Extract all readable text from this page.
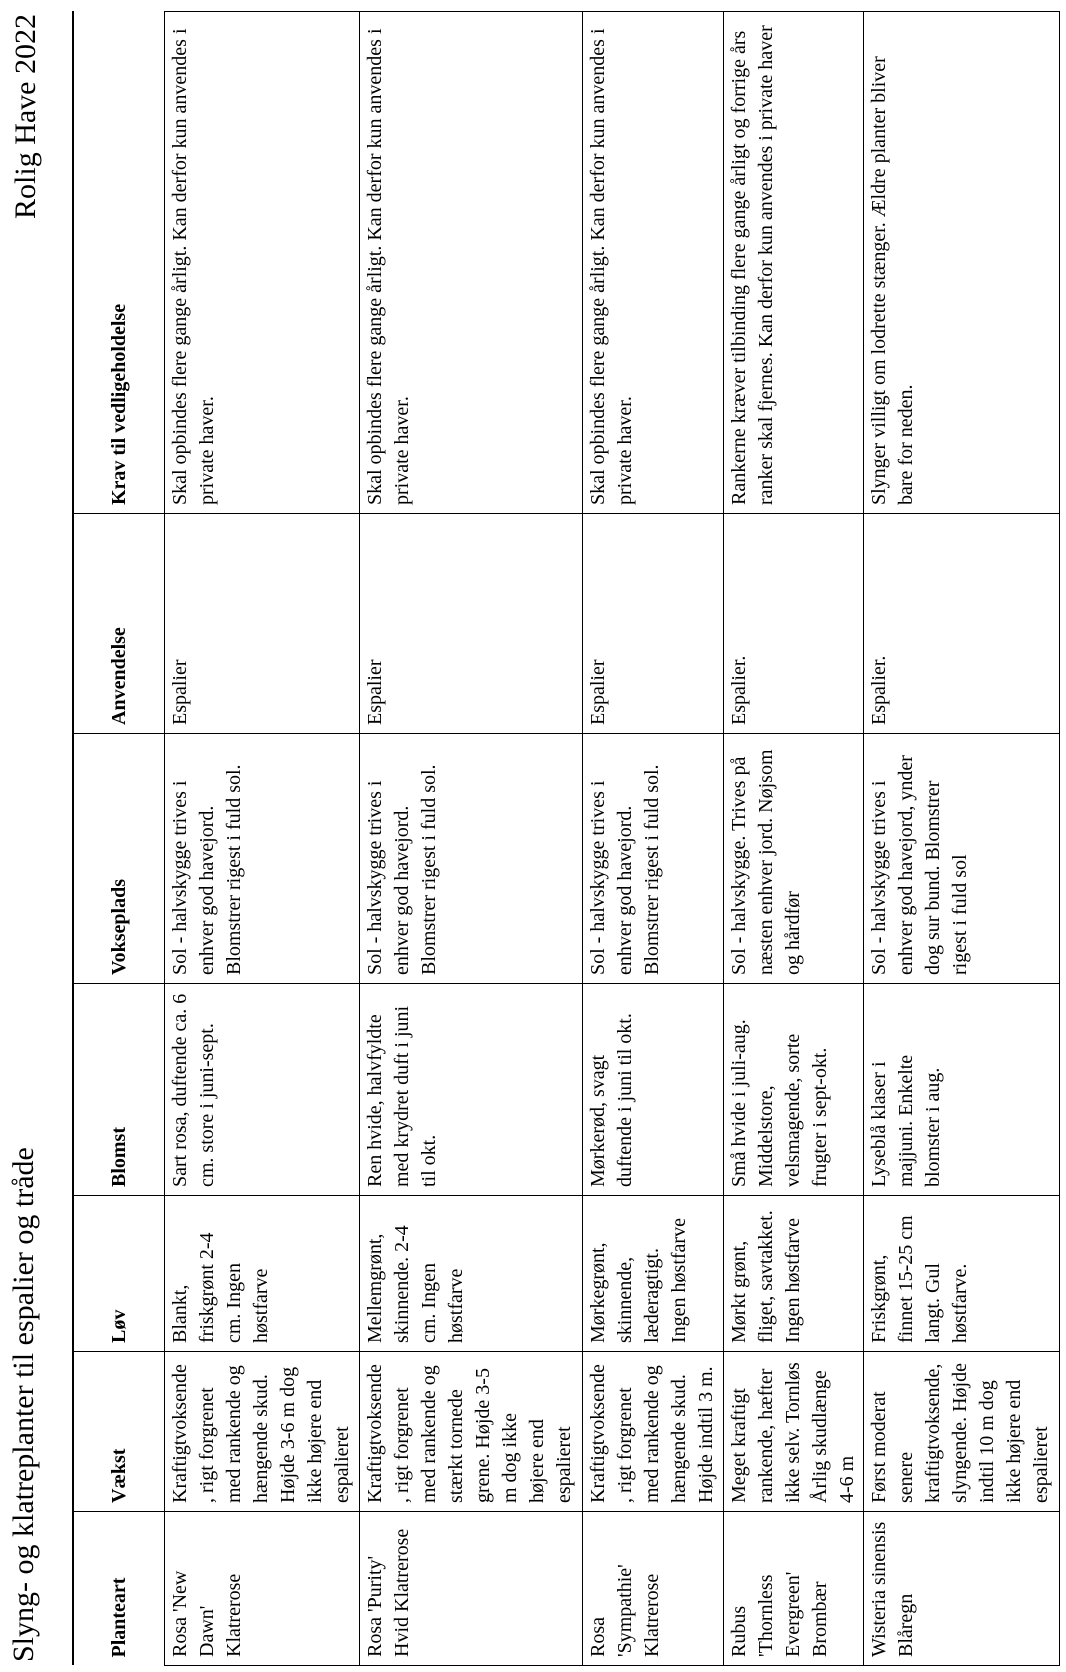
Slyng- og klatreplanter til espalier og tråde
Rolig Have 2022
Planteart	Vækst	Løv	Blomst	Vokseplads	Anvendelse	Krav til vedligeholdelse
Rosa 'New Dawn' Klatrerose	Kraftigtvoksende, rigt forgrenet med rankende og hængende skud. Højde 3-6 m dog ikke højere end espalieret	Blankt, friskgrønt 2-4 cm. Ingen høstfarve	Sart rosa, duftende ca. 6 cm. store i juni-sept.	Sol - halvskygge trives i enhver god havejord. Blomstrer rigest i fuld sol.	Espalier	Skal opbindes flere gange årligt. Kan derfor kun anvendes i private haver.
Rosa 'Purity' Hvid Klatrerose	Kraftigtvoksende, rigt forgrenet med rankende og stærkt tornede grene. Højde 3-5 m dog ikke højere end espalieret	Mellemgrønt, skinnende. 2-4 cm. Ingen høstfarve	Ren hvide, halvfyldte med krydret duft i juni til okt.	Sol - halvskygge trives i enhver god havejord. Blomstrer rigest i fuld sol.	Espalier	Skal opbindes flere gange årligt. Kan derfor kun anvendes i private haver.
Rosa 'Sympathie' Klatrerose	Kraftigtvoksende, rigt forgrenet med rankende og hængende skud. Højde indtil 3 m.	Mørkegrønt, skinnende, læderagtigt. Ingen høstfarve	Mørkerød, svagt duftende i juni til okt.	Sol - halvskygge trives i enhver god havejord. Blomstrer rigest i fuld sol.	Espalier	Skal opbindes flere gange årligt. Kan derfor kun anvendes i private haver.
Rubus 'Thornless Evergreen' Brombær	Meget kraftigt rankende, hæfter ikke selv. Tornløs Årlig skudlænge 4-6 m	Mørkt grønt, fliget, savtakket. Ingen høstfarve	Små hvide i juli-aug. Middelstore, velsmagende, sorte frugter i sept-okt.	Sol - halvskygge. Trives på næsten enhver jord. Nøjsom og hårdfør	Espalier.	Rankerne kræver tilbinding flere gange årligt og forrige års ranker skal fjernes. Kan derfor kun anvendes i private haver
Wisteria sinensis Blåregn	Først moderat senere kraftigtvoksende, slyngende. Højde indtil 10 m dog ikke højere end espalieret	Friskgrønt, finnet 15-25 cm langt. Gul høstfarve.	Lyseblå klaser i majjuni. Enkelte blomster i aug.	Sol - halvskygge trives i enhver god havejord, ynder dog sur bund. Blomstrer rigest i fuld sol	Espalier.	Slynger villigt om lodrette stænger. Ældre planter bliver bare for neden.
